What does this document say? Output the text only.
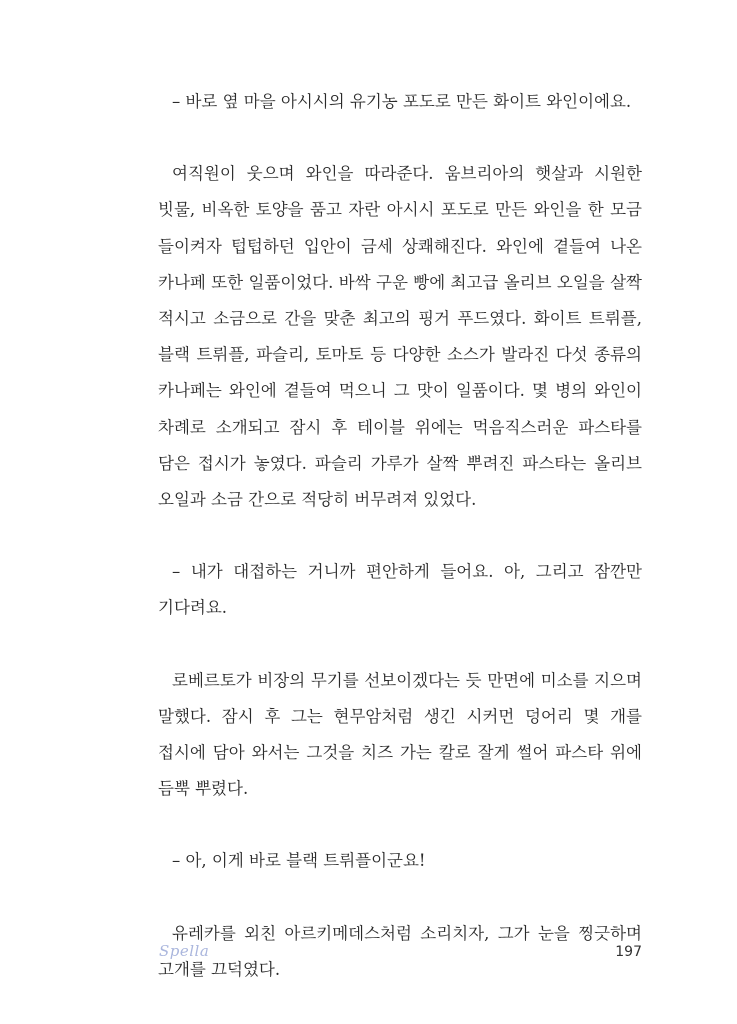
– 바로 옆 마을 아시시의 유기농 포도로 만든 화이트 와인이에요.

여직원이 웃으며 와인을 따라준다. 움브리아의 햇살과 시원한 빗물, 비옥한 토양을 품고 자란 아시시 포도로 만든 와인을 한 모금 들이켜자 텁텁하던 입안이 금세 상쾌해진다. 와인에 곁들여 나온 카나페 또한 일품이었다. 바싹 구운 빵에 최고급 올리브 오일을 살짝 적시고 소금으로 간을 맞춘 최고의 핑거 푸드였다. 화이트 트뤼플, 블랙 트뤼플, 파슬리, 토마토 등 다양한 소스가 발라진 다섯 종류의 카나페는 와인에 곁들여 먹으니 그 맛이 일품이다. 몇 병의 와인이 차례로 소개되고 잠시 후 테이블 위에는 먹음직스러운 파스타를 담은 접시가 놓였다. 파슬리 가루가 살짝 뿌려진 파스타는 올리브 오일과 소금 간으로 적당히 버무려져 있었다.

– 내가 대접하는 거니까 편안하게 들어요. 아, 그리고 잠깐만 기다려요.

로베르토가 비장의 무기를 선보이겠다는 듯 만면에 미소를 지으며 말했다. 잠시 후 그는 현무암처럼 생긴 시커먼 덩어리 몇 개를 접시에 담아 와서는 그것을 치즈 가는 칼로 잘게 썰어 파스타 위에 듬뿍 뿌렸다.

– 아, 이게 바로 블랙 트뤼플이군요!

유레카를 외친 아르키메데스처럼 소리치자, 그가 눈을 찡긋하며 고개를 끄덕였다.

Spella	197
